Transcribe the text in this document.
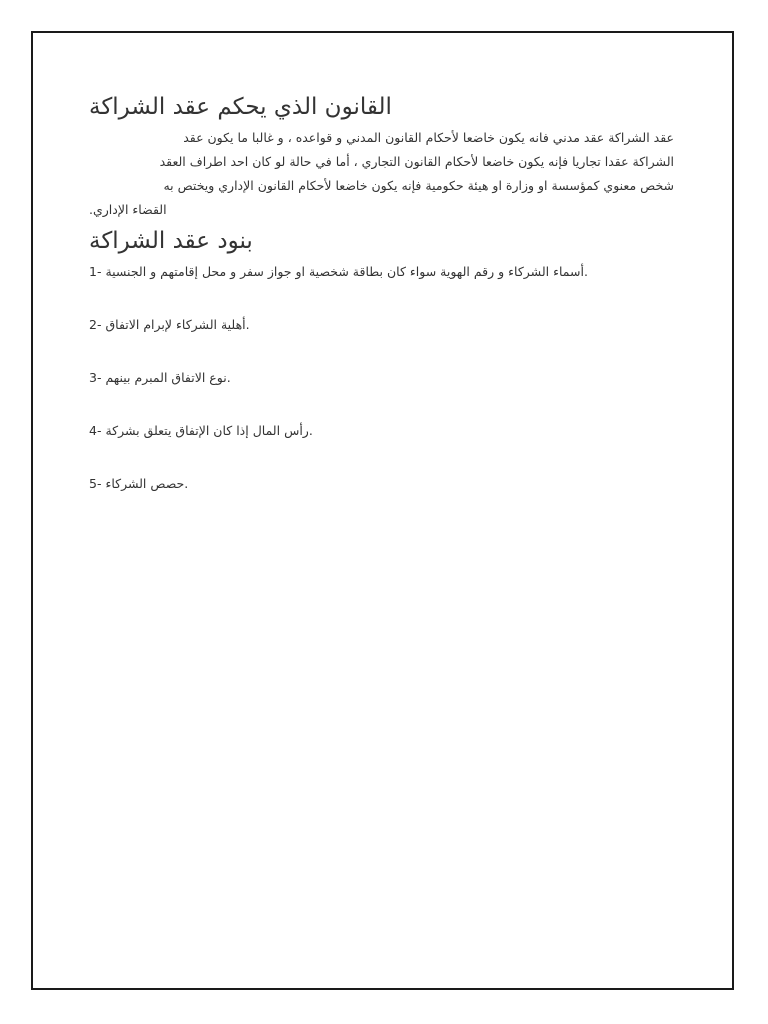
القانون الذي يحكم عقد الشراكة
عقد الشراكة عقد مدني فانه يكون خاضعا لأحكام القانون المدني و قواعده ، و غالبا ما يكون عقد
الشراكة عقدا تجاريا فإنه يكون خاضعا لأحكام القانون التجاري ، أما في حالة لو كان احد اطراف العقد
شخص معنوي كمؤسسة او وزارة او هيئة حكومية فإنه يكون خاضعا لأحكام القانون الإداري ويختص به
.القضاء الإداري
بنود عقد الشراكة
1- أسماء الشركاء و رقم الهوية سواء كان بطاقة شخصية او جواز سفر و محل إقامتهم و الجنسية.
2- أهلية الشركاء لإبرام الاتفاق.
3- نوع الاتفاق المبرم بينهم.
4- رأس المال إذا كان الإتفاق يتعلق بشركة.
5- حصص الشركاء.
